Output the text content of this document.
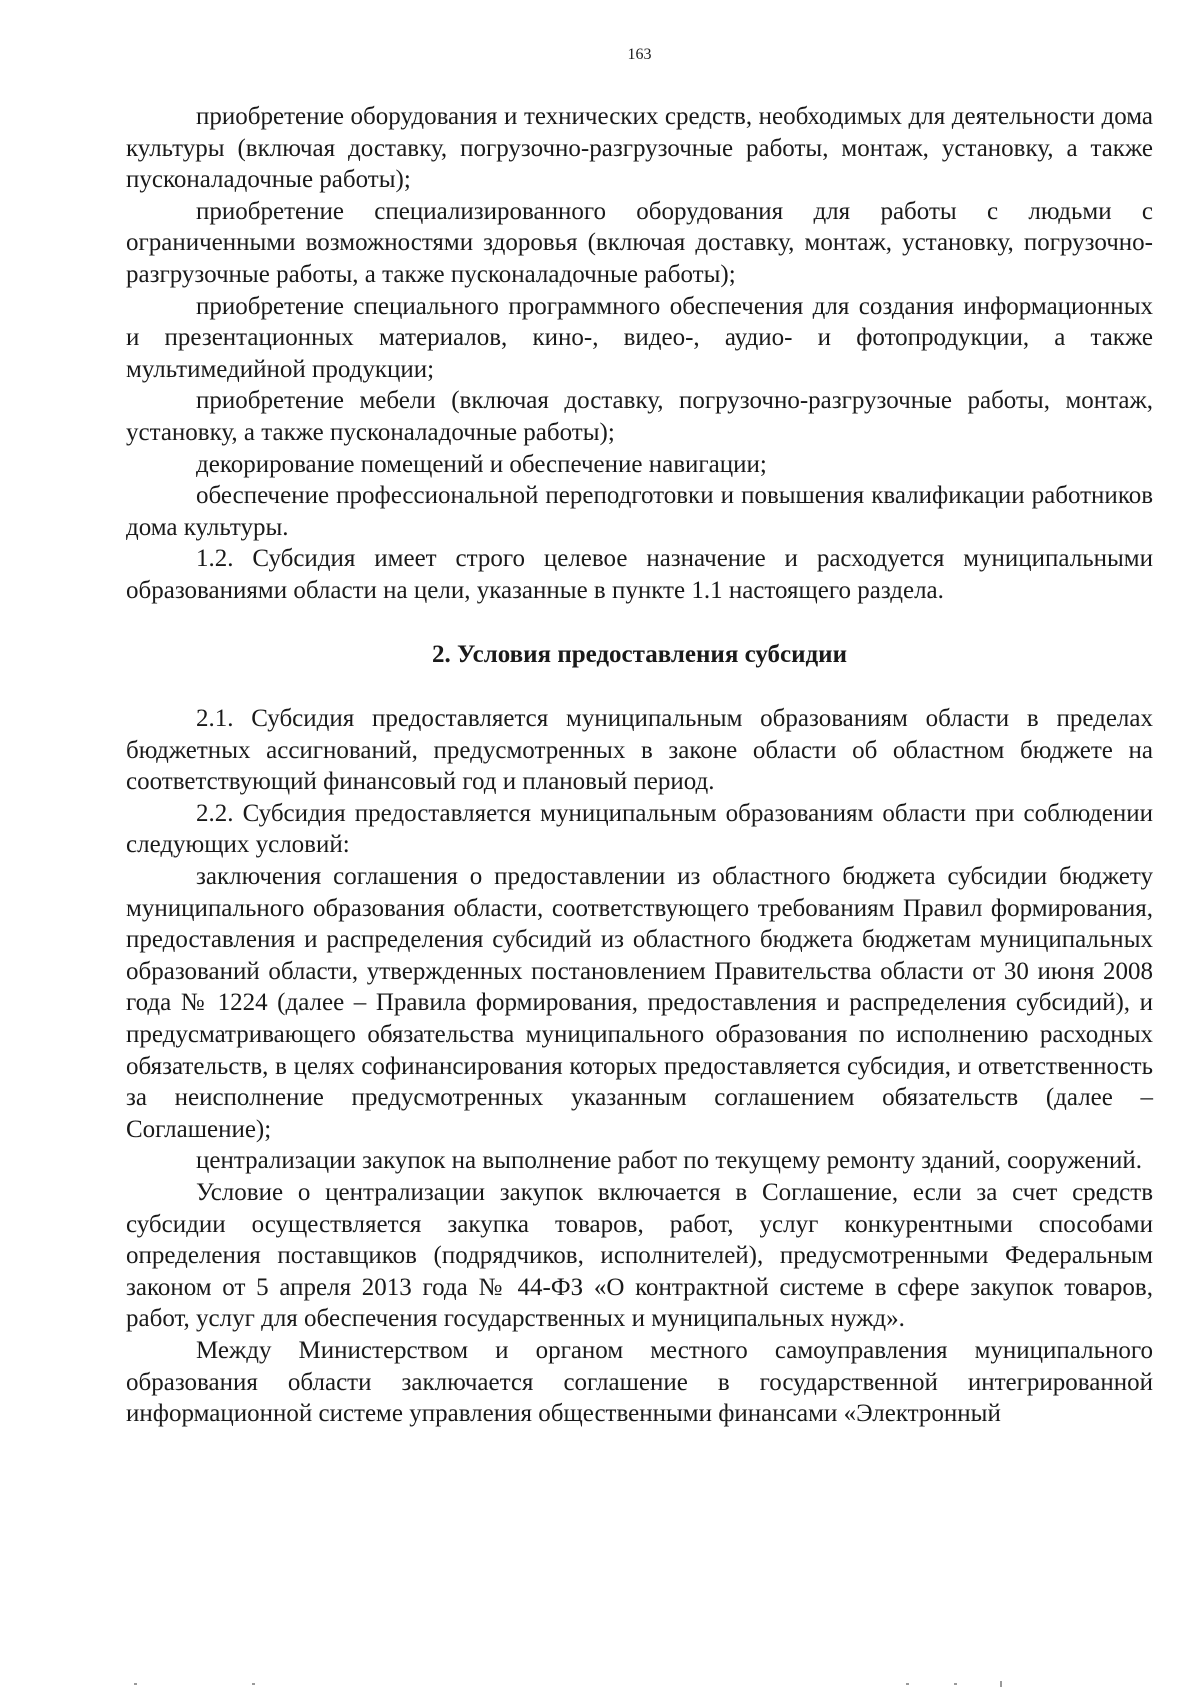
163

приобретение оборудования и технических средств, необходимых для деятельности дома культуры (включая доставку, погрузочно-разгрузочные работы, монтаж, установку, а также пусконаладочные работы);

приобретение специализированного оборудования для работы с людьми с ограниченными возможностями здоровья (включая доставку, монтаж, установку, погрузочно-разгрузочные работы, а также пусконаладочные работы);

приобретение специального программного обеспечения для создания информационных и презентационных материалов, кино-, видео-, аудио- и фотопродукции, а также мультимедийной продукции;

приобретение мебели (включая доставку, погрузочно-разгрузочные работы, монтаж, установку, а также пусконаладочные работы);

декорирование помещений и обеспечение навигации;

обеспечение профессиональной переподготовки и повышения квалификации работников дома культуры.

1.2. Субсидия имеет строго целевое назначение и расходуется муниципальными образованиями области на цели, указанные в пункте 1.1 настоящего раздела.

2. Условия предоставления субсидии

2.1. Субсидия предоставляется муниципальным образованиям области в пределах бюджетных ассигнований, предусмотренных в законе области об областном бюджете на соответствующий финансовый год и плановый период.

2.2. Субсидия предоставляется муниципальным образованиям области при соблюдении следующих условий:

заключения соглашения о предоставлении из областного бюджета субсидии бюджету муниципального образования области, соответствующего требованиям Правил формирования, предоставления и распределения субсидий из областного бюджета бюджетам муниципальных образований области, утвержденных постановлением Правительства области от 30 июня 2008 года № 1224 (далее – Правила формирования, предоставления и распределения субсидий), и предусматривающего обязательства муниципального образования по исполнению расходных обязательств, в целях софинансирования которых предоставляется субсидия, и ответственность за неисполнение предусмотренных указанным соглашением обязательств (далее – Соглашение);

централизации закупок на выполнение работ по текущему ремонту зданий, сооружений.

Условие о централизации закупок включается в Соглашение, если за счет средств субсидии осуществляется закупка товаров, работ, услуг конкурентными способами определения поставщиков (подрядчиков, исполнителей), предусмотренными Федеральным законом от 5 апреля 2013 года № 44-ФЗ «О контрактной системе в сфере закупок товаров, работ, услуг для обеспечения государственных и муниципальных нужд».

Между Министерством и органом местного самоуправления муниципального образования области заключается соглашение в государственной интегрированной информационной системе управления общественными финансами «Электронный
